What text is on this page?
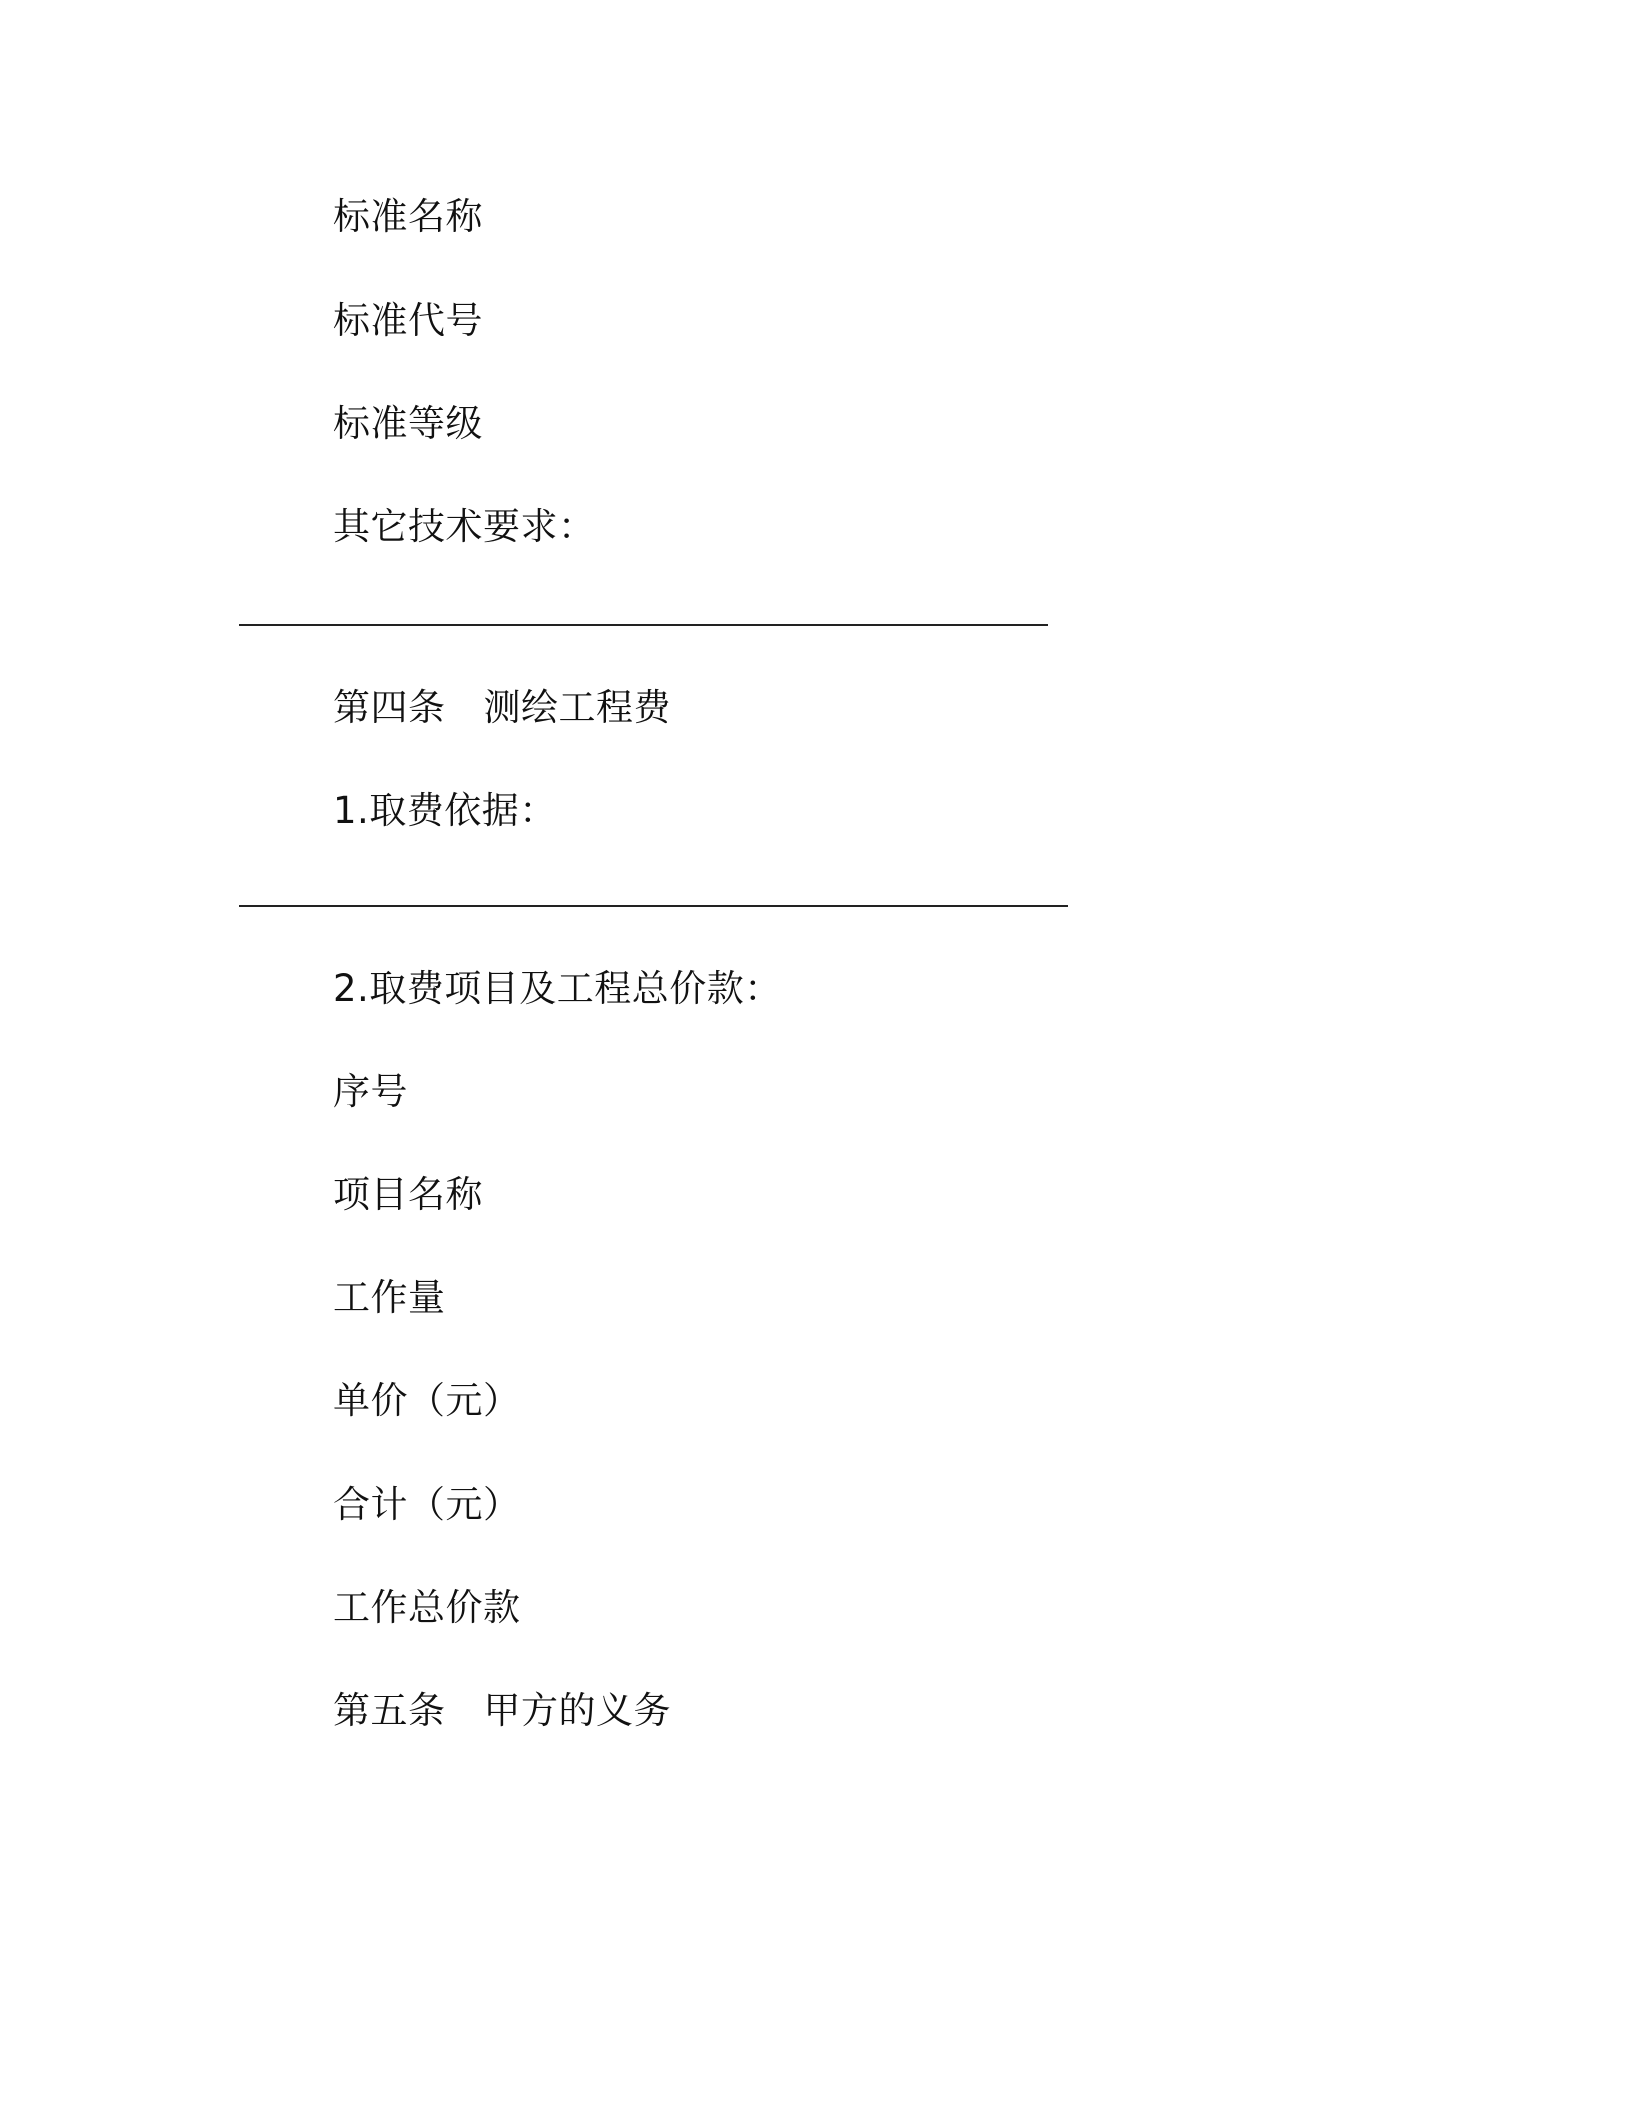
标准名称
标准代号
标准等级
其它技术要求：
第四条 测绘工程费
1.取费依据：
2.取费项目及工程总价款：
序号
项目名称
工作量
单价（元）
合计（元）
工作总价款
第五条 甲方的义务
